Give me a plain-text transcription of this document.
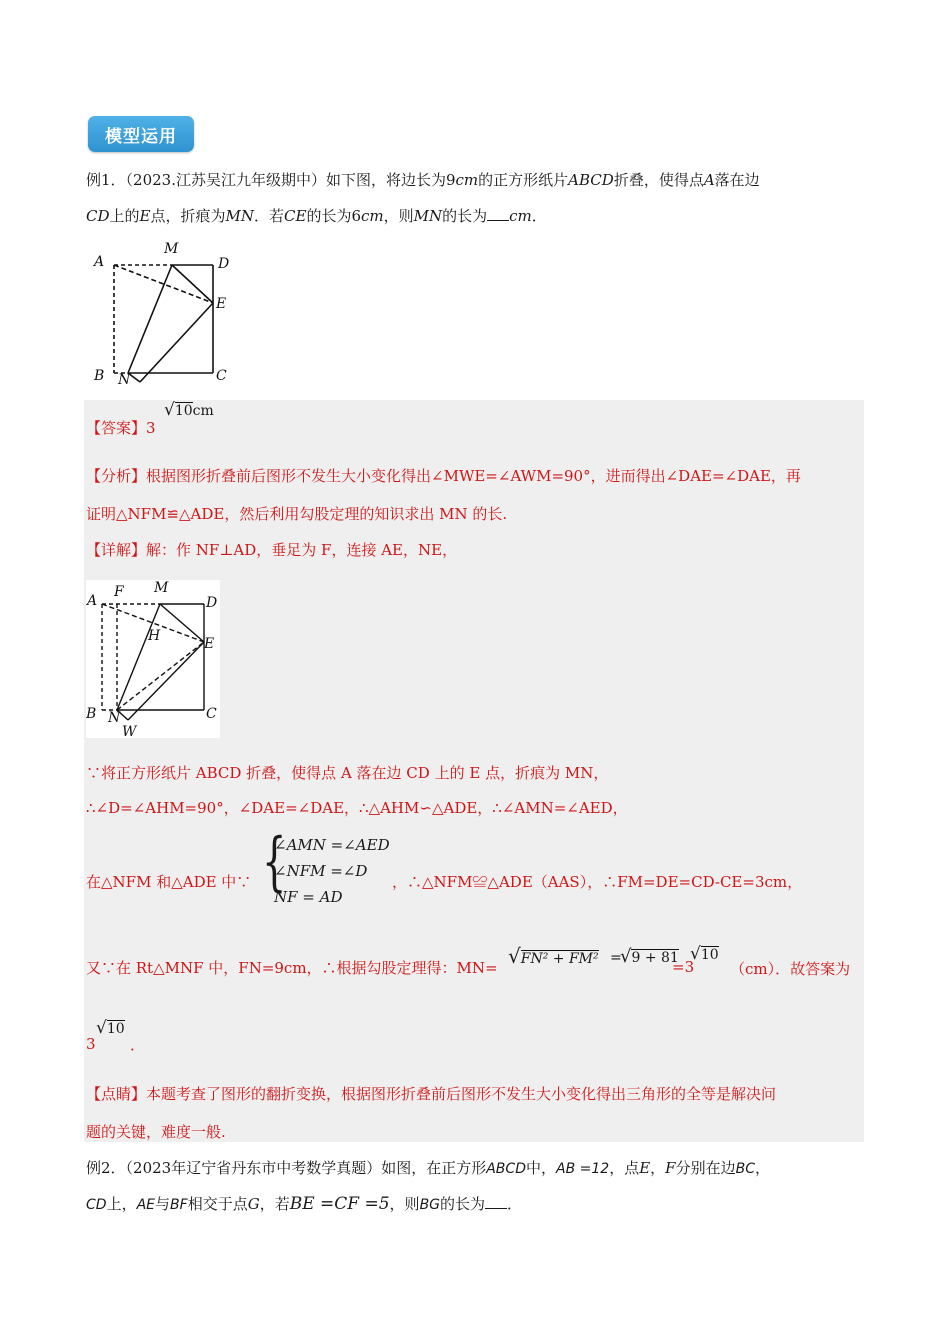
模型运用
例1．（2023.江苏吴江九年级期中）如下图，将边长为9cm的正方形纸片ABCD折叠，使得点A落在边
CD上的E点，折痕为MN．若CE的长为6cm，则MN的长为 cm．
A
M
D
E
B N	C
【答案】3
√10cm
【分析】根据图形折叠前后图形不发生大小变化得出∠MWE=∠AWM=90°，进而得出∠DAE=∠DAE，再
证明△NFM≌△ADE，然后利用勾股定理的知识求出 MN 的长.
【详解】解：作 NF⊥AD，垂足为 F，连接 AE，NE，
A
F M
D
H	E
B N	C
W
∵将正方形纸片 ABCD 折叠，使得点 A 落在边 CD 上的 E 点，折痕为 MN，
∴∠D=∠AHM=90°，∠DAE=∠DAE，∴△AHM∽△ADE，∴∠AMN=∠AED，
在△NFM 和△ADE 中∵ {
∠AMN =∠AED
∠NFM =∠D
NF = AD
，∴△NFM≌△ADE（AAS），∴FM=DE=CD-CE=3cm，
又∵在 Rt△MNF 中，FN=9cm，∴根据勾股定理得：MN= √FN² + FM² =
√9 + 81
=3
√10
（cm）．故答案为
3
√10
．
【点睛】本题考查了图形的翻折变换，根据图形折叠前后图形不发生大小变化得出三角形的全等是解决问
题的关键，难度一般.
例2．（2023年辽宁省丹东市中考数学真题）如图，在正方形ABCD中，AB =12，点E，F分别在边BC，
CD上，AE与BF相交于点G，若BE =CF =5，则BG的长为 ．
